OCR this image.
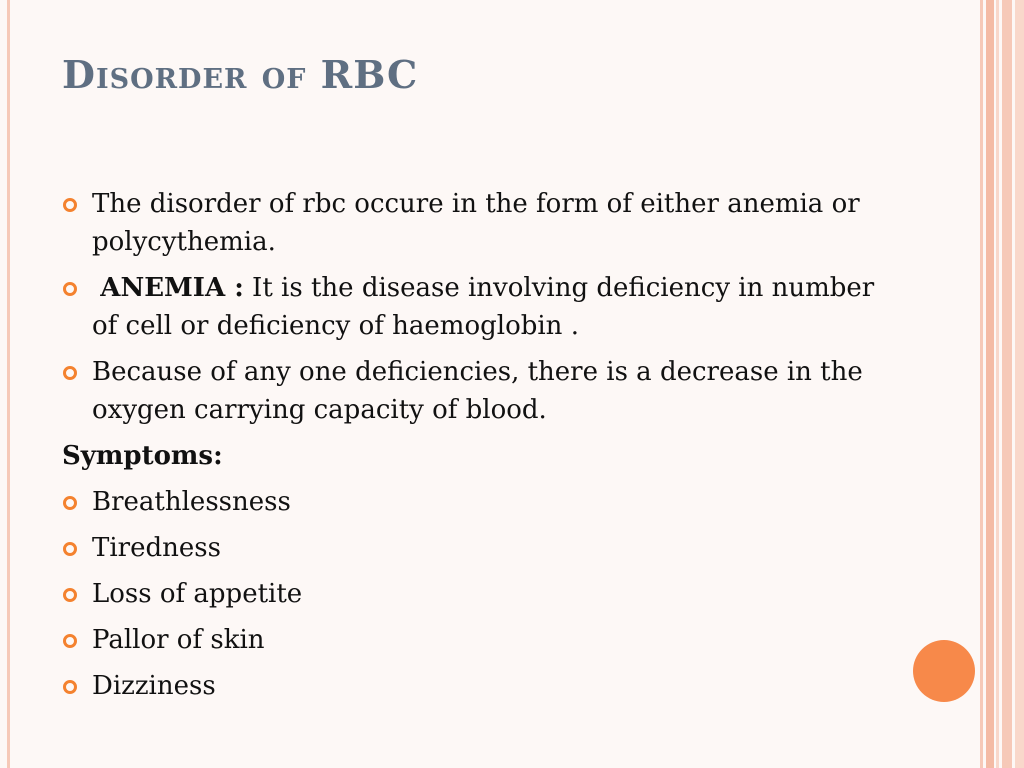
DISORDER OF RBC
The disorder of rbc occure in the form of either anemia or polycythemia.
ANEMIA : It is the disease involving deficiency in number of cell or deficiency of haemoglobin .
Because of any one deficiencies, there is a decrease in the oxygen carrying capacity of blood.
Symptoms:
Breathlessness
Tiredness
Loss of appetite
Pallor of skin
Dizziness
